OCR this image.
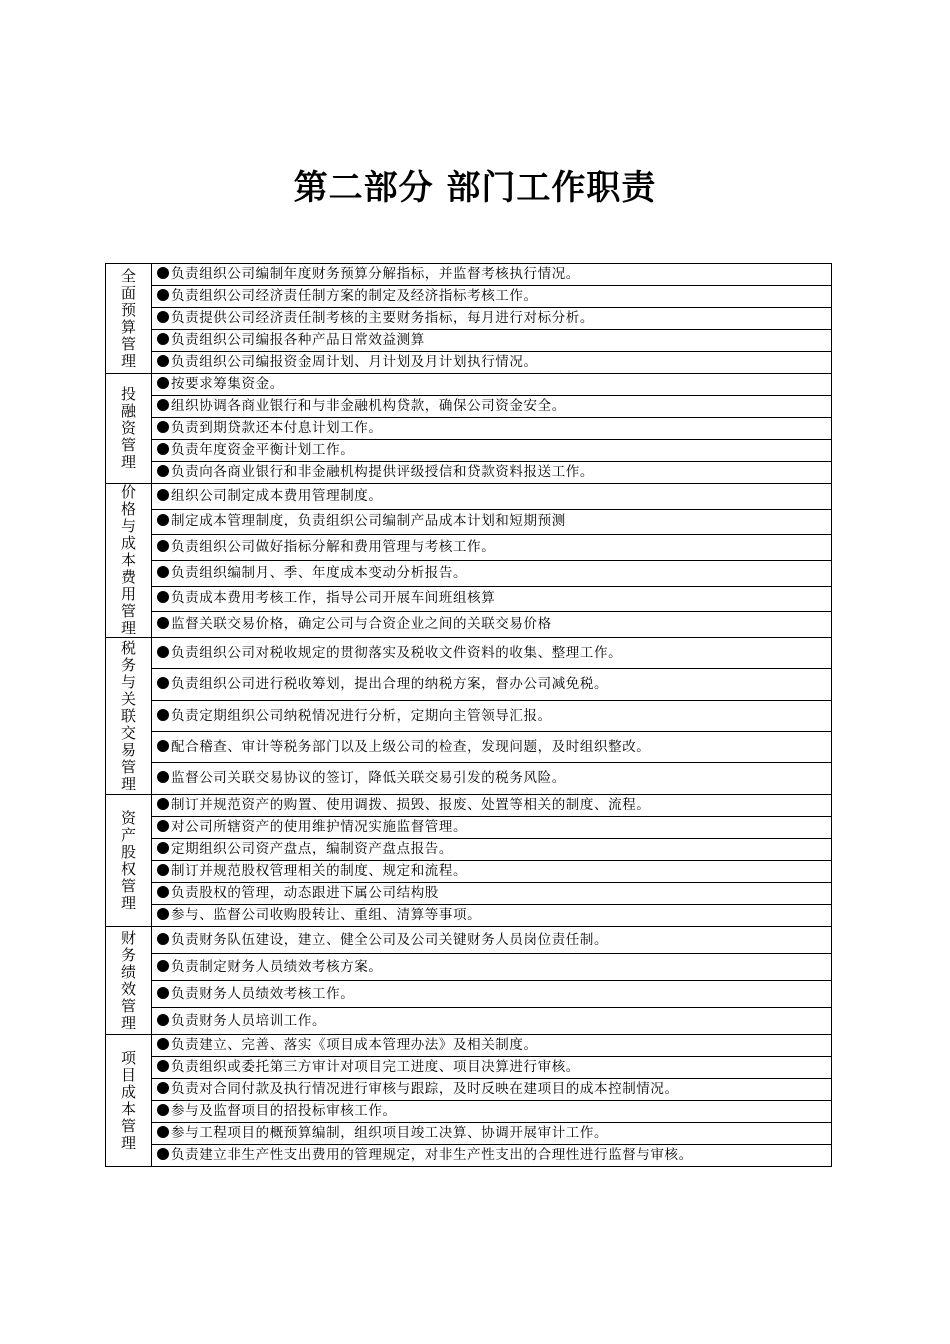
第二部分 部门工作职责
全面预算管理	负责组织公司编制年度财务预算分解指标，并监督考核执行情况。
	负责组织公司经济责任制方案的制定及经济指标考核工作。
	负责提供公司经济责任制考核的主要财务指标，每月进行对标分析。
	负责组织公司编报各种产品日常效益测算
	负责组织公司编报资金周计划、月计划及月计划执行情况。

投融资管理	按要求筹集资金。
	组织协调各商业银行和与非金融机构贷款，确保公司资金安全。
	负责到期贷款还本付息计划工作。
	负责年度资金平衡计划工作。
	负责向各商业银行和非金融机构提供评级授信和贷款资料报送工作。

价格与成本费用管理	组织公司制定成本费用管理制度。
	制定成本管理制度，负责组织公司编制产品成本计划和短期预测
	负责组织公司做好指标分解和费用管理与考核工作。
	负责组织编制月、季、年度成本变动分析报告。
	负责成本费用考核工作，指导公司开展车间班组核算
	监督关联交易价格，确定公司与合资企业之间的关联交易价格

税务与关联交易管理	负责组织公司对税收规定的贯彻落实及税收文件资料的收集、整理工作。
	负责组织公司进行税收筹划，提出合理的纳税方案，督办公司减免税。
	负责定期组织公司纳税情况进行分析，定期向主管领导汇报。
	配合稽查、审计等税务部门以及上级公司的检查，发现问题，及时组织整改。
	监督公司关联交易协议的签订，降低关联交易引发的税务风险。

资产股权管理	制订并规范资产的购置、使用调拨、损毁、报废、处置等相关的制度、流程。
	对公司所辖资产的使用维护情况实施监督管理。
	定期组织公司资产盘点，编制资产盘点报告。
	制订并规范股权管理相关的制度、规定和流程。
	负责股权的管理，动态跟进下属公司结构股
	参与、监督公司收购股转让、重组、清算等事项。

财务绩效管理	负责财务队伍建设，建立、健全公司及公司关键财务人员岗位责任制。
	负责制定财务人员绩效考核方案。
	负责财务人员绩效考核工作。
	负责财务人员培训工作。

项目成本管理	负责建立、完善、落实《项目成本管理办法》及相关制度。
	负责组织或委托第三方审计对项目完工进度、项目决算进行审核。
	负责对合同付款及执行情况进行审核与跟踪，及时反映在建项目的成本控制情况。
	参与及监督项目的招投标审核工作。
	参与工程项目的概预算编制，组织项目竣工决算、协调开展审计工作。
	负责建立非生产性支出费用的管理规定，对非生产性支出的合理性进行监督与审核。
